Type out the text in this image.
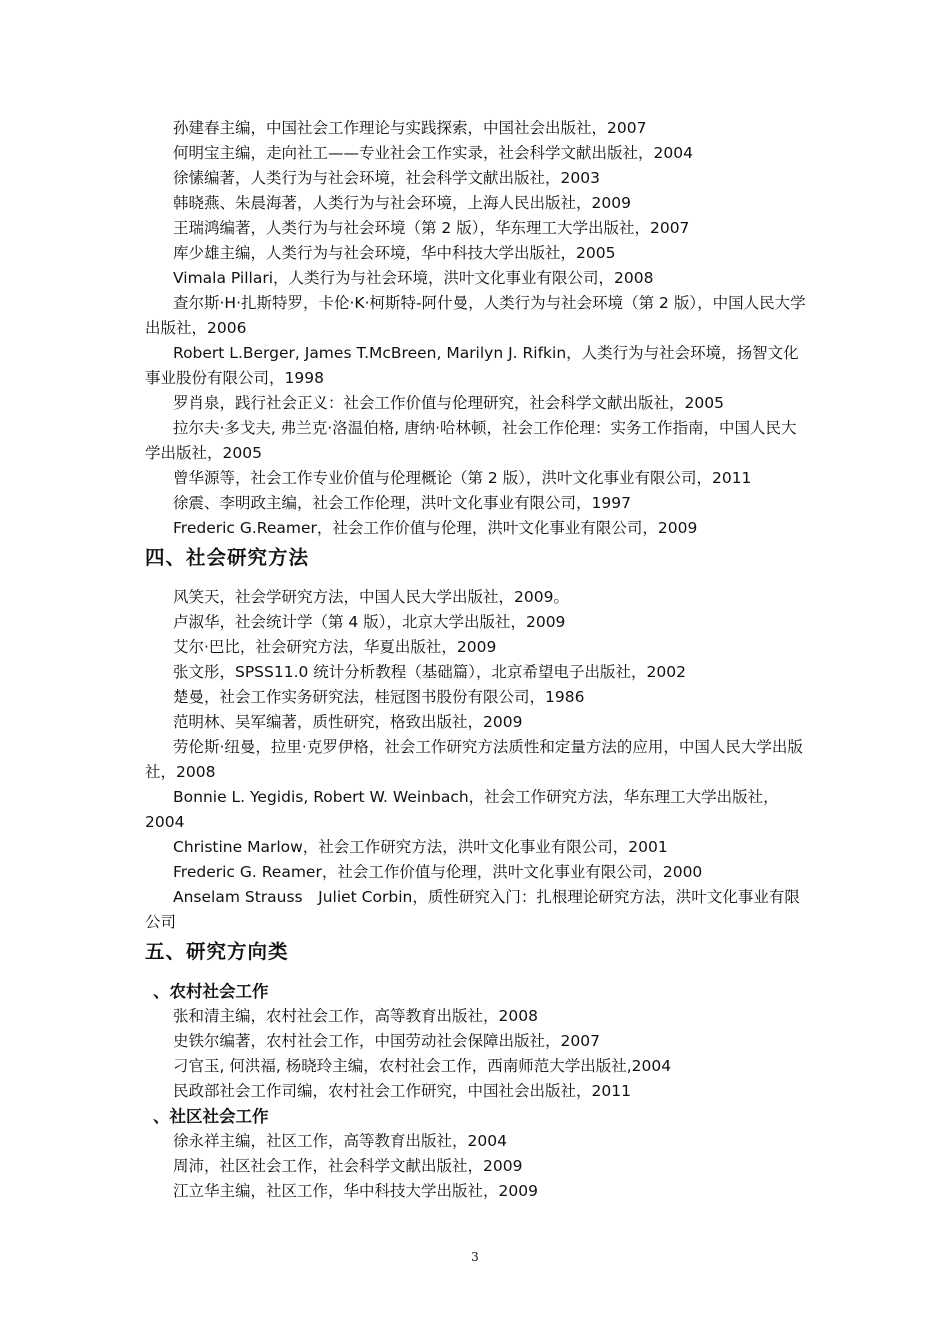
孙建春主编，中国社会工作理论与实践探索，中国社会出版社，2007

何明宝主编，走向社工——专业社会工作实录，社会科学文献出版社，2004

徐愫编著，人类行为与社会环境，社会科学文献出版社，2003

韩晓燕、朱晨海著，人类行为与社会环境，上海人民出版社，2009

王瑞鸿编著，人类行为与社会环境（第 2 版），华东理工大学出版社，2007

库少雄主编，人类行为与社会环境，华中科技大学出版社，2005

Vimala Pillari，人类行为与社会环境，洪叶文化事业有限公司，2008

查尔斯·H·扎斯特罗，卡伦·K·柯斯特-阿什曼，人类行为与社会环境（第 2 版），中国人民大学出版社，2006

Robert L.Berger, James T.McBreen, Marilyn J. Rifkin，人类行为与社会环境，扬智文化事业股份有限公司，1998

罗肖泉，践行社会正义：社会工作价值与伦理研究，社会科学文献出版社，2005

拉尔夫·多戈夫, 弗兰克·洛温伯格, 唐纳·哈林顿，社会工作伦理：实务工作指南，中国人民大学出版社，2005

曾华源等，社会工作专业价值与伦理概论（第 2 版），洪叶文化事业有限公司，2011

徐震、李明政主编，社会工作伦理，洪叶文化事业有限公司，1997

Frederic G.Reamer，社会工作价值与伦理，洪叶文化事业有限公司，2009

四、社会研究方法

风笑天，社会学研究方法，中国人民大学出版社，2009。

卢淑华，社会统计学（第 4 版），北京大学出版社，2009

艾尔·巴比，社会研究方法，华夏出版社，2009

张文彤，SPSS11.0 统计分析教程（基础篇），北京希望电子出版社，2002

楚曼，社会工作实务研究法，桂冠图书股份有限公司，1986

范明林、吴军编著，质性研究，格致出版社，2009

劳伦斯·纽曼，拉里·克罗伊格，社会工作研究方法质性和定量方法的应用，中国人民大学出版社，2008

Bonnie L. Yegidis, Robert W. Weinbach，社会工作研究方法，华东理工大学出版社，2004

Christine Marlow，社会工作研究方法，洪叶文化事业有限公司，2001

Frederic G. Reamer，社会工作价值与伦理，洪叶文化事业有限公司，2000

Anselam Strauss　Juliet Corbin，质性研究入门：扎根理论研究方法，洪叶文化事业有限公司

五、研究方向类
、农村社会工作

张和清主编，农村社会工作，高等教育出版社，2008

史铁尔编著，农村社会工作，中国劳动社会保障出版社，2007

刁官玉, 何洪福, 杨晓玲主编，农村社会工作，西南师范大学出版社,2004

民政部社会工作司编，农村社会工作研究，中国社会出版社，2011

、社区社会工作

徐永祥主编，社区工作，高等教育出版社，2004

周沛，社区社会工作，社会科学文献出版社，2009

江立华主编，社区工作，华中科技大学出版社，2009

3
